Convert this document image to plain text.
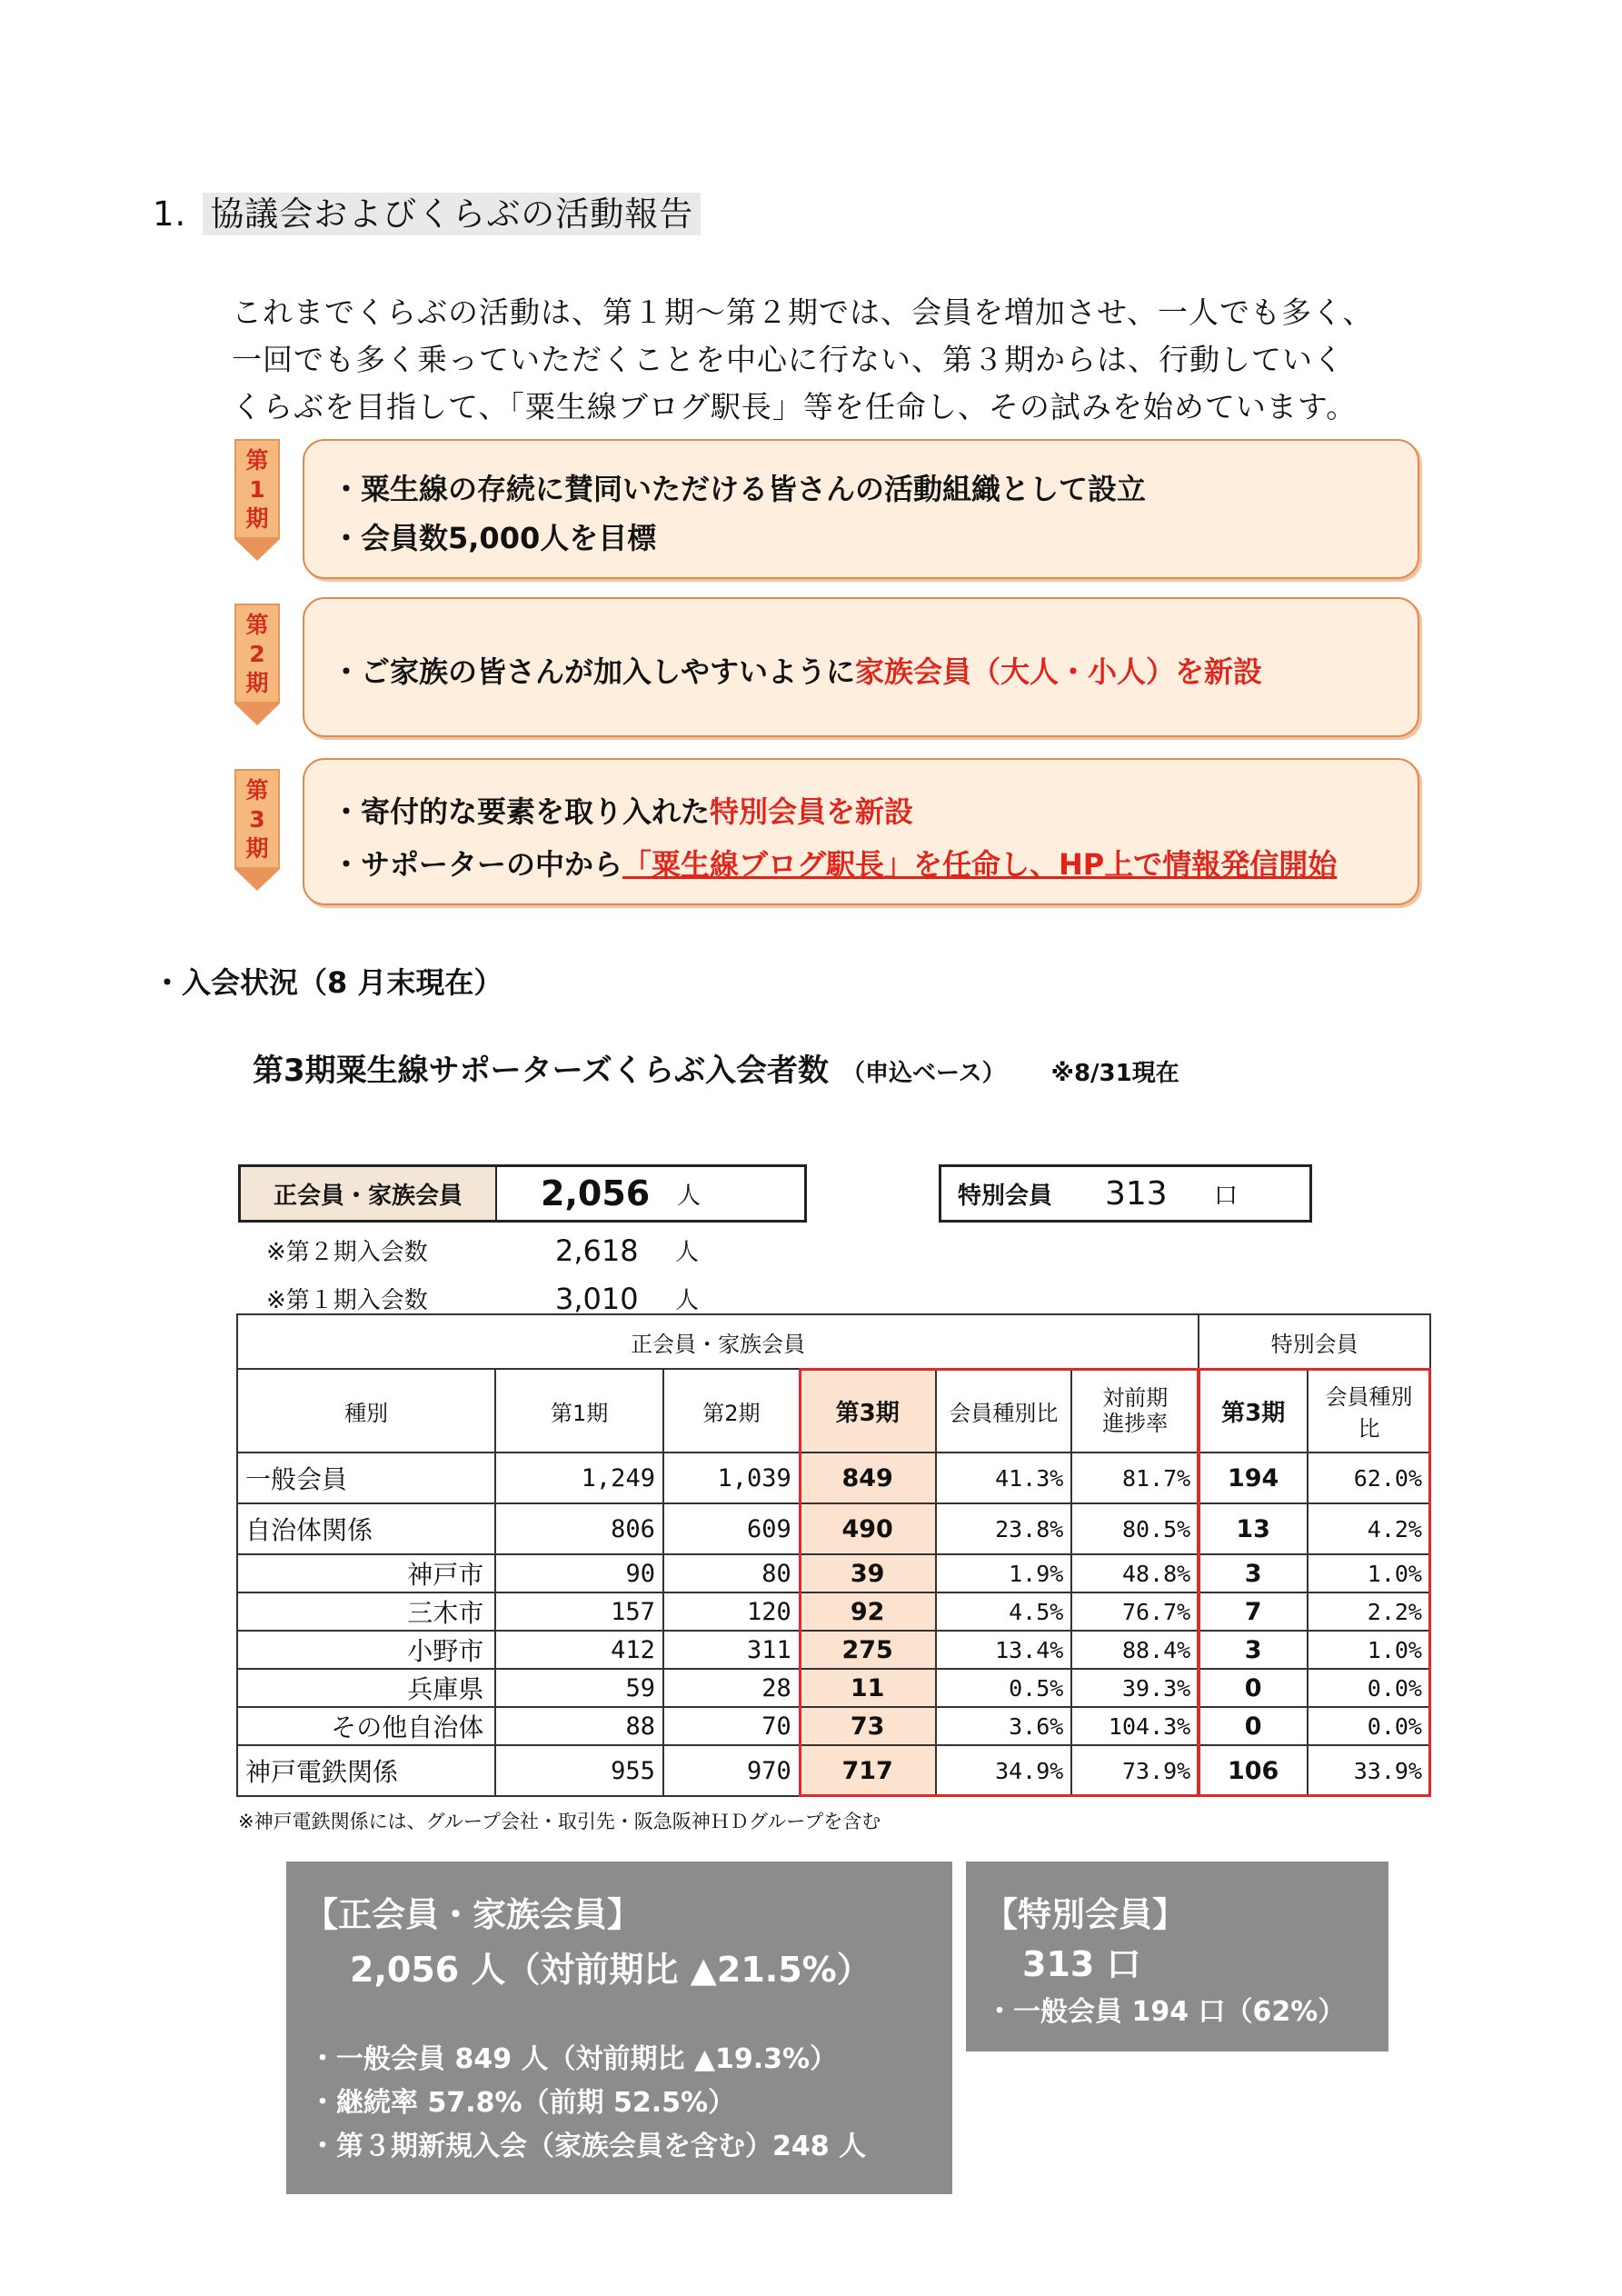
1. 協議会およびくらぶの活動報告
これまでくらぶの活動は、第１期～第２期では、会員を増加させ、一人でも多く、
一回でも多く乗っていただくことを中心に行ない、第３期からは、行動していく
くらぶを目指して、「粟生線ブログ駅長」等を任命し、その試みを始めています。
第
1
期
・粟生線の存続に賛同いただける皆さんの活動組織として設立
・会員数5,000人を目標
第
2
期	・ご家族の皆さんが加入しやすいように家族会員（大人・小人）を新設
第
3
期
・寄付的な要素を取り入れた特別会員を新設
・サポーターの中から「粟生線ブログ駅長」を任命し、HP上で情報発信開始
・入会状況（8 月末現在）
第3期粟生線サポーターズくらぶ入会者数 （申込ベース） ※8/31現在
正会員・家族会員	2,056 人	特別会員	313 口
※第２期入会数	2,618 人
※第１期入会数	3,010 人
正会員・家族会員						特別会員	
種別	第1期	第2期	第3期	会員種別比	対前期
進捗率	第3期	会員種別比
一般会員	1,249	1,039	849	41.3%	81.7%	194	62.0%
自治体関係	806	609	490	23.8%	80.5%	13	4.2%
神戸市	90	80	39	1.9%	48.8%	3	1.0%
三木市	157	120	92	4.5%	76.7%	7	2.2%
小野市	412	311	275	13.4%	88.4%	3	1.0%
兵庫県	59	28	11	0.5%	39.3%	0	0.0%
その他自治体	88	70	73	3.6%	104.3%	0	0.0%
神戸電鉄関係	955	970	717	34.9%	73.9%	106	33.9%
※神戸電鉄関係には、グループ会社・取引先・阪急阪神ＨＤグループを含む
【正会員・家族会員】
2,056 人（対前期比 ▲21.5%）
・一般会員 849 人（対前期比 ▲19.3%）
・継続率 57.8%（前期 52.5%）
・第３期新規入会（家族会員を含む）248 人
【特別会員】
313 口
・一般会員 194 口（62%）
